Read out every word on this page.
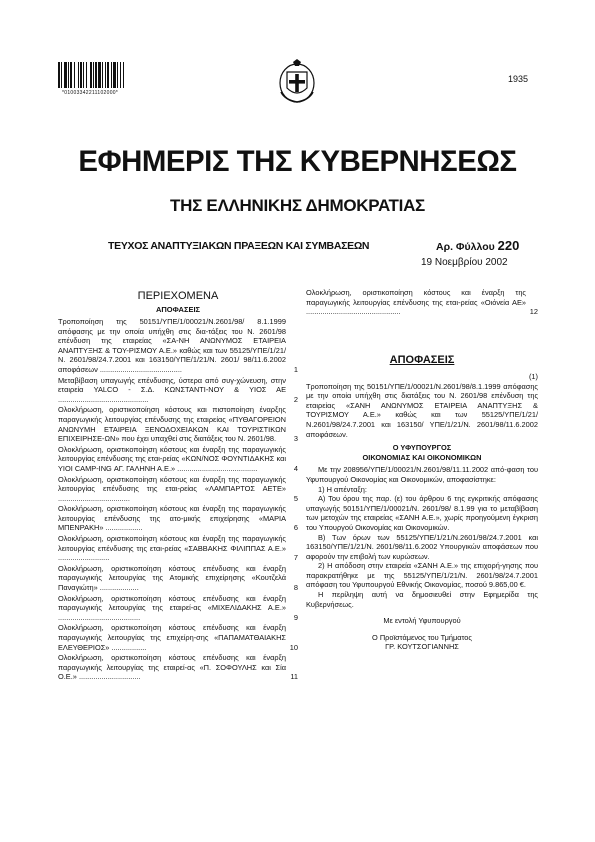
*01003342211102000*
1935
ΕΦΗΜΕΡΙΣ ΤΗΣ ΚΥΒΕΡΝΗΣΕΩΣ
ΤΗΣ ΕΛΛΗΝΙΚΗΣ ΔΗΜΟΚΡΑΤΙΑΣ
ΤΕΥΧΟΣ ΑΝΑΠΤΥΞΙΑΚΩΝ ΠΡΑΞΕΩΝ ΚΑΙ ΣΥΜΒΑΣΕΩΝ	Αρ. Φύλλου 220
19 Νοεμβρίου 2002
ΠΕΡΙΕΧΟΜΕΝΑ
ΑΠΟΦΑΣΕΙΣ
Τροποποίηση της 50151/ΥΠΕ/1/00021/Ν.2601/98/ 8.1.1999 απόφασης με την οποία υπήχθη στις δια-τάξεις του Ν. 2601/98 επένδυση της εταιρείας «ΣΑ-ΝΗ ΑΝΩΝΥΜΟΣ ΕΤΑΙΡΕΙΑ ΑΝΑΠΤΥΞΗΣ & ΤΟΥ-ΡΙΣΜΟΥ Α.Ε.» καθώς και των 55125/ΥΠΕ/1/21/Ν. 2601/98/24.7.2001 και 163150/ΥΠΕ/1/21/Ν. 2601/ 98/11.6.2002 αποφάσεων ........................................	1
Μεταβίβαση υπαγωγής επένδυσης, ύστερα από συγ-χώνευση, στην εταιρεία YALCO - Σ.Δ. ΚΩΝΣΤΑΝΤΙ-ΝΟΥ & ΥΙΟΣ ΑΕ ............................................	2
Ολοκλήρωση, οριστικοποίηση κόστους και πιστοποίηση έναρξης παραγωγικής λειτουργίας επένδυσης της εταιρείας «ΠΥΘΑΓΟΡΕΙΟΝ ΑΝΩΝΥΜΗ ΕΤΑΙΡΕΙΑ ΞΕΝΟΔΟΧΕΙΑΚΩΝ ΚΑΙ ΤΟΥΡΙΣΤΙΚΩΝ ΕΠΙΧΕΙΡΗΣΕ-ΩΝ» που έχει υπαχθεί στις διατάξεις του Ν. 2601/98. 3
Ολοκλήρωση, οριστικοποίηση κόστους και έναρξη της παραγωγικής λειτουργίας επένδυσης της εται-ρείας «ΚΩΝ/ΝΟΣ ΦΟΥΝΤΙΔΑΚΗΣ και ΥΙΟΙ CAMP-ING ΑΓ. ΓΑΛΗΝΗ Α.Ε.» .......................................	4
Ολοκλήρωση, οριστικοποίηση κόστους και έναρξη της παραγωγικής λειτουργίας επένδυσης της εται-ρείας «ΛΑΜΠΑΡΤΟΣ ΑΕΤΕ» ...................................	5
Ολοκλήρωση, οριστικοποίηση κόστους και έναρξη της παραγωγικής λειτουργίας επένδυσης της ατο-μικής επιχείρησης «ΜΑΡΙΑ ΜΠΕΝΡΑΚΗ» ..................	6
Ολοκλήρωση, οριστικοποίηση κόστους και έναρξη της παραγωγικής λειτουργίας επένδυσης της εται-ρείας «ΣΑΒΒΑΚΗΣ ΦΙΛΙΠΠΑΣ Α.Ε.» .........................	7
Ολοκλήρωση, οριστικοποίηση κόστους επένδυσης και έναρξη παραγωγικής λειτουργίας της Ατομικής επιχείρησης «Κουτζελά Παναγιώτη» ...................	8
Ολοκλήρωση, οριστικοποίηση κόστους επένδυσης και έναρξη παραγωγικής λειτουργίας της εταιρεί-ας «ΜΙΧΕΛΙΔΑΚΗΣ Α.Ε.» ........................................	9
Ολοκλήρωση, οριστικοποίηση κόστους επένδυσης και έναρξη παραγωγικής λειτουργίας της επιχείρη-σης «ΠΑΠΑΜΑΤΘΑΙΑΚΗΣ ΕΛΕΥΘΕΡΙΟΣ» .................	10
Ολοκλήρωση, οριστικοποίηση κόστους επένδυσης και έναρξη παραγωγικής λειτουργίας της εταιρεί-ας «Π. ΣΟΦΟΥΛΗΣ και Σία Ο.Ε.» ..............................	11
Ολοκλήρωση, οριστικοποίηση κόστους και έναρξη της παραγωγικής λειτουργίας επένδυσης της εται-ρείας «Οιόνεία ΑΕ» ..............................................	12
ΑΠΟΦΑΣΕΙΣ
(1)
Τροποποίηση της 50151/ΥΠΕ/1/00021/Ν.2601/98/8.1.1999 απόφασης με την οποία υπήχθη στις διατάξεις του Ν. 2601/98 επένδυση της εταιρείας «ΣΑΝΗ ΑΝΩΝΥΜΟΣ ΕΤΑΙΡΕΙΑ ΑΝΑΠΤΥΞΗΣ & ΤΟΥΡΙΣΜΟΥ Α.Ε.» καθώς και των 55125/ΥΠΕ/1/21/Ν.2601/98/24.7.2001 και 163150/ ΥΠΕ/1/21/Ν. 2601/98/11.6.2002 αποφάσεων.
Ο ΥΦΥΠΟΥΡΓΟΣ
ΟΙΚΟΝΟΜΙΑΣ ΚΑΙ ΟΙΚΟΝΟΜΙΚΩΝ
Με την 208956/ΥΠΕ/1/00021/Ν.2601/98/11.11.2002 από-φαση του Υφυπουργού Οικονομίας και Οικονομικών, αποφασίστηκε:
1) Η απένταξη:
Α) Του όρου της παρ. (ε) του άρθρου 6 της εγκριτικής απόφασης υπαγωγής 50151/ΥΠΕ/1/00021/Ν. 2601/98/ 8.1.99 για το μεταβίβαση των μετοχών της εταιρείας «ΣΑΝΗ Α.Ε.», χωρίς προηγούμενη έγκριση του Υπουργού Οικονομίας και Οικονομικών.
Β) Των όρων των 55125/ΥΠΕ/1/21/Ν.2601/98/24.7.2001 και 163150/ΥΠΕ/1/21/Ν. 2601/98/11.6.2002 Υπουργικών αποφάσεων που αφορούν την επιβολή των κυρώσεων.
2) Η απόδοση στην εταιρεία «ΣΑΝΗ Α.Ε.» της επιχορή-γησης που παρακρατήθηκε με της 55125/ΥΠΕ/1/21/Ν. 2601/98/24.7.2001 απόφαση του Υφυπουργού Εθνικής Οικονομίας, ποσού 9.865,00 €.
Η περίληψη αυτή να δημοσιευθεί στην Εφημερίδα της Κυβερνήσεως.
Με εντολή Υφυπουργού
Ο Προϊστάμενος του Τμήματος
ΓΡ. ΚΟΥΤΣΟΓΙΑΝΝΗΣ
